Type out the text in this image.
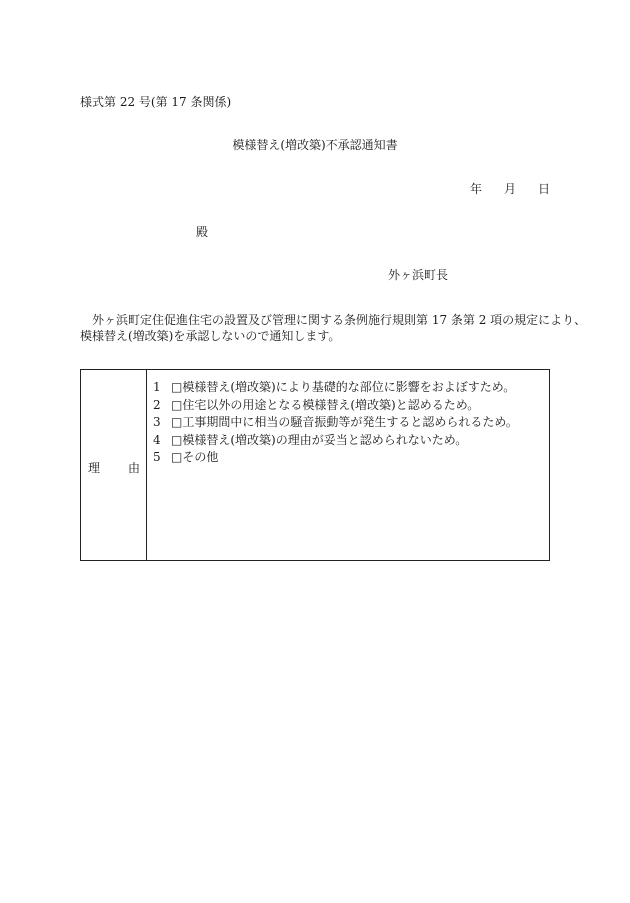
様式第 22 号(第 17 条関係)
模様替え(増改築)不承認通知書
年 月 日
殿
外ヶ浜町長
外ヶ浜町定住促進住宅の設置及び管理に関する条例施行規則第 17 条第 2 項の規定により、
模様替え(増改築)を承認しないので通知します。
理 由
1 □模様替え(増改築)により基礎的な部位に影響をおよぼすため。
2 □住宅以外の用途となる模様替え(増改築)と認めるため。
3 □工事期間中に相当の騒音振動等が発生すると認められるため。
4 □模様替え(増改築)の理由が妥当と認められないため。
5 □その他
